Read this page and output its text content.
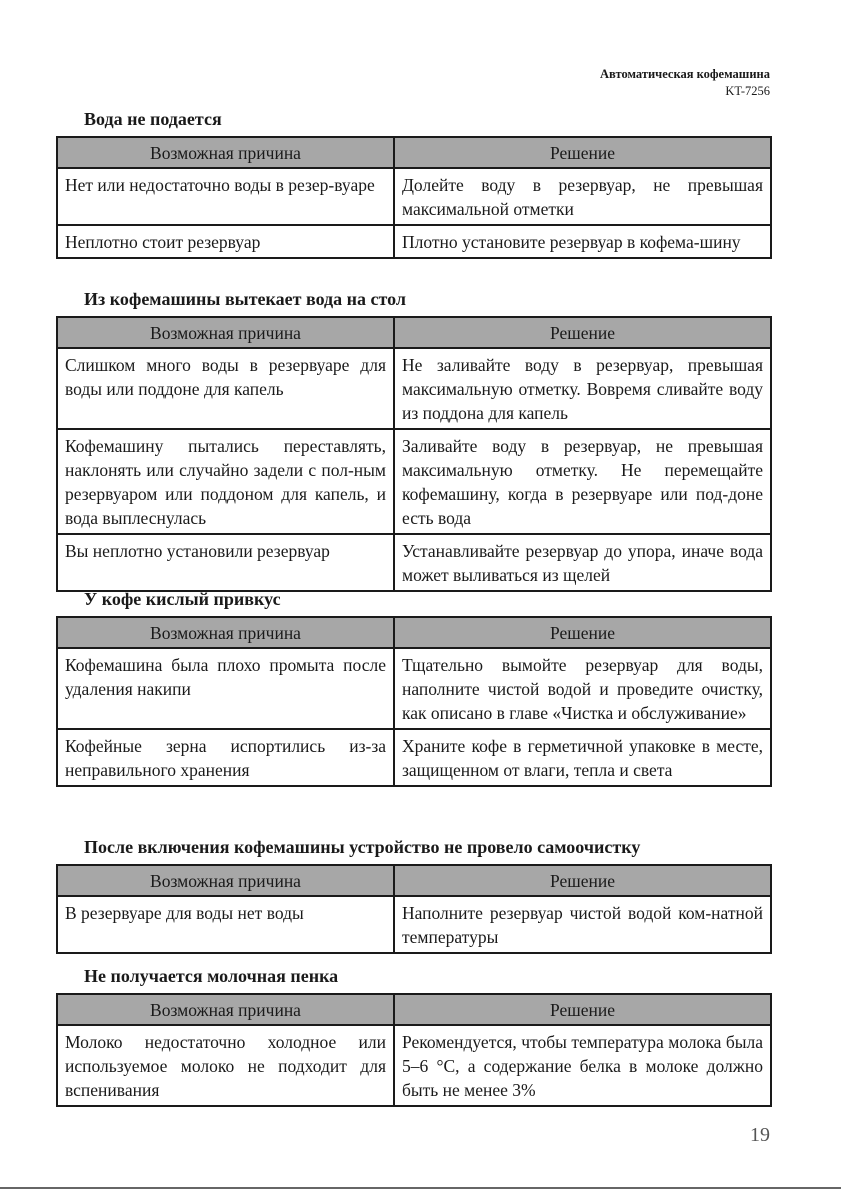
Автоматическая кофемашина
KT-7256
Вода не подается
Возможная причина	Решение
Нет или недостаточно воды в резер-вуаре	Долейте воду в резервуар, не превышая максимальной отметки
Неплотно стоит резервуар	Плотно установите резервуар в кофема-шину
Из кофемашины вытекает вода на стол
Возможная причина	Решение
Слишком много воды в резервуаре для воды или поддоне для капель	Не заливайте воду в резервуар, превышая максимальную отметку. Вовремя сливайте воду из поддона для капель
Кофемашину пытались переставлять, наклонять или случайно задели с пол-ным резервуаром или поддоном для капель, и вода выплеснулась	Заливайте воду в резервуар, не превышая максимальную отметку. Не перемещайте кофемашину, когда в резервуаре или под-доне есть вода
Вы неплотно установили резервуар	Устанавливайте резервуар до упора, иначе вода может выливаться из щелей
У кофе кислый привкус
Возможная причина	Решение
Кофемашина была плохо промыта после удаления накипи	Тщательно вымойте резервуар для воды, наполните чистой водой и проведите очистку, как описано в главе «Чистка и обслуживание»
Кофейные зерна испортились из-за неправильного хранения	Храните кофе в герметичной упаковке в месте, защищенном от влаги, тепла и света
После включения кофемашины устройство не провело самоочистку
Возможная причина	Решение
В резервуаре для воды нет воды	Наполните резервуар чистой водой ком-натной температуры
Не получается молочная пенка
Возможная причина	Решение
Молоко недостаточно холодное или используемое молоко не подходит для вспенивания	Рекомендуется, чтобы температура молока была 5–6 °C, а содержание белка в молоке должно быть не менее 3%
19
